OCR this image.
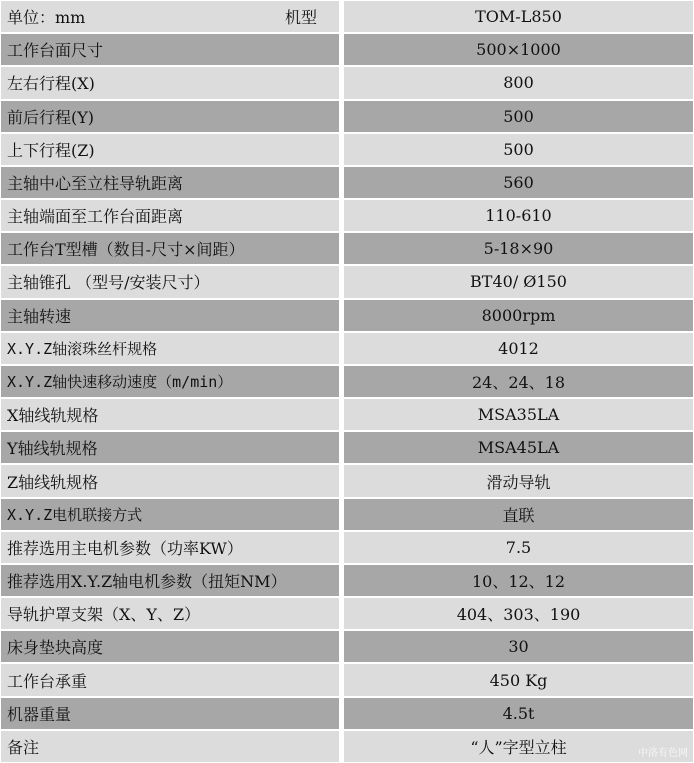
单位：mm	机型	TOM-L850
工作台面尺寸	500×1000
左右行程(X)	800
前后行程(Y)	500
上下行程(Z)	500
主轴中心至立柱导轨距离	560
主轴端面至工作台面距离	110-610
工作台T型槽（数目-尺寸×间距）	5-18×90
主轴锥孔 （型号/安装尺寸）	BT40/ Ø150
主轴转速	8000rpm
X.Y.Z轴滚珠丝杆规格	4012
X.Y.Z轴快速移动速度（m/min）	24、24、18
X轴线轨规格	MSA35LA
Y轴线轨规格	MSA45LA
Z轴线轨规格	滑动导轨
X.Y.Z电机联接方式	直联
推荐选用主电机参数（功率KW）	7.5
推荐选用X.Y.Z轴电机参数（扭矩NM）	10、12、12
导轨护罩支架（X、Y、Z）	404、303、190
床身垫块高度	30
工作台承重	450 Kg
机器重量	4.5t
备注	“人”字型立柱	中洛有色网
